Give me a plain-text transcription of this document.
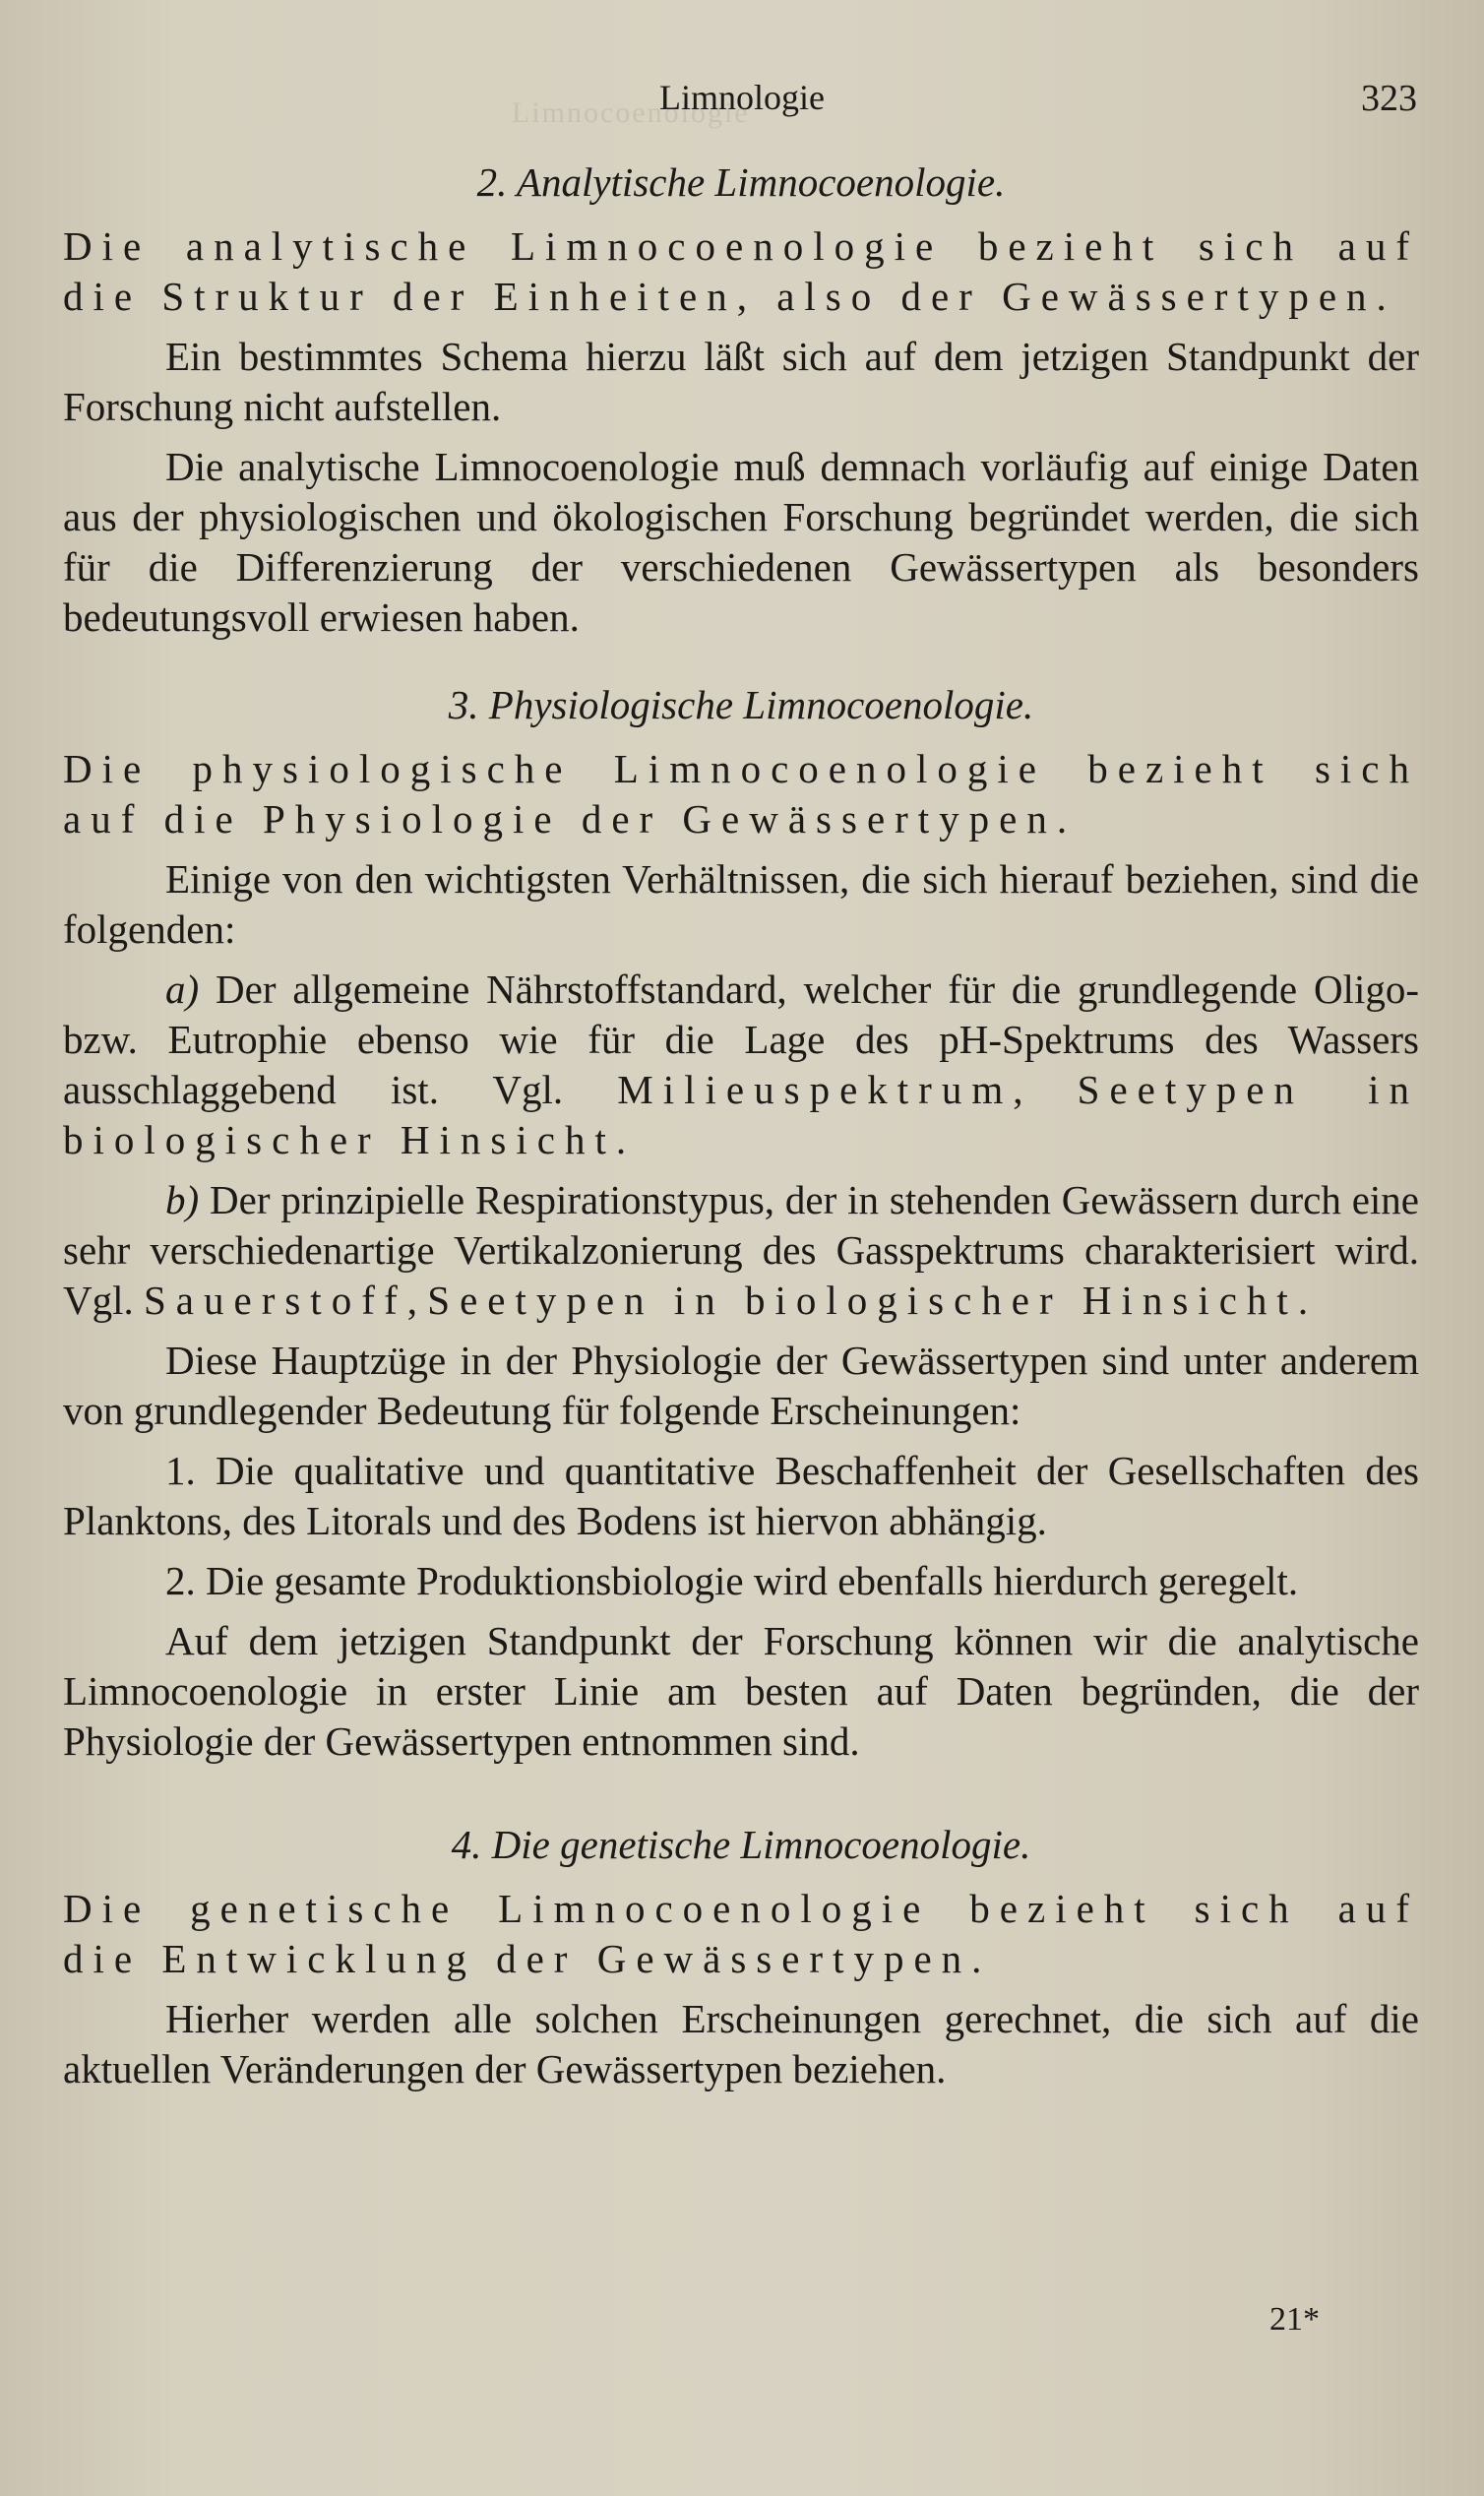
Limnocoenologie
Limnologie	323
2. Analytische Limnocoenologie.

Die analytische Limnocoenologie bezieht sich auf die Struktur der Einheiten, also der Gewässertypen.

Ein bestimmtes Schema hierzu läßt sich auf dem jetzigen Standpunkt der Forschung nicht aufstellen.

Die analytische Limnocoenologie muß demnach vorläufig auf einige Daten aus der physiologischen und ökologischen Forschung begründet werden, die sich für die Differenzierung der verschiedenen Gewässertypen als besonders bedeutungsvoll erwiesen haben.

3. Physiologische Limnocoenologie.

Die physiologische Limnocoenologie bezieht sich auf die Physiologie der Gewässertypen.

Einige von den wichtigsten Verhältnissen, die sich hierauf beziehen, sind die folgenden:

a) Der allgemeine Nährstoffstandard, welcher für die grundlegende Oligo- bzw. Eutrophie ebenso wie für die Lage des pH-Spektrums des Wassers ausschlaggebend ist. Vgl. Milieuspektrum, Seetypen in biologischer Hinsicht.

b) Der prinzipielle Respirationstypus, der in stehenden Gewässern durch eine sehr verschiedenartige Vertikalzonierung des Gasspektrums charakterisiert wird. Vgl. Sauerstoff, Seetypen in biologischer Hinsicht.

Diese Hauptzüge in der Physiologie der Gewässertypen sind unter anderem von grundlegender Bedeutung für folgende Erscheinungen:

1. Die qualitative und quantitative Beschaffenheit der Gesellschaften des Planktons, des Litorals und des Bodens ist hiervon abhängig.

2. Die gesamte Produktionsbiologie wird ebenfalls hierdurch geregelt.

Auf dem jetzigen Standpunkt der Forschung können wir die analytische Limnocoenologie in erster Linie am besten auf Daten begründen, die der Physiologie der Gewässertypen entnommen sind.

4. Die genetische Limnocoenologie.

Die genetische Limnocoenologie bezieht sich auf die Entwicklung der Gewässertypen.

Hierher werden alle solchen Erscheinungen gerechnet, die sich auf die aktuellen Veränderungen der Gewässertypen beziehen.

21*
